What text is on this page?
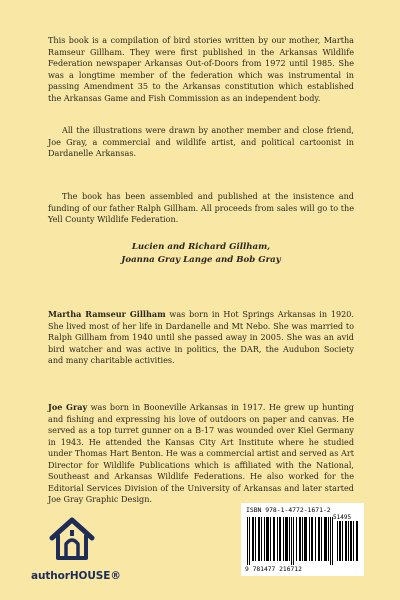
This book is a compilation of bird stories written by our mother, Martha Ramseur Gillham. They were first published in the Arkansas Wildlife Federation newspaper Arkansas Out-of-Doors from 1972 until 1985. She was a longtime member of the federation which was instrumental in passing Amendment 35 to the Arkansas constitution which established the Arkansas Game and Fish Commission as an independent body.
All the illustrations were drawn by another member and close friend, Joe Gray, a commercial and wildlife artist, and political cartoonist in Dardanelle Arkansas.
The book has been assembled and published at the insistence and funding of our father Ralph Gillham. All proceeds from sales will go to the Yell County Wildlife Federation.
Lucien and Richard Gillham,
Joanna Gray Lange and Bob Gray
Martha Ramseur Gillham was born in Hot Springs Arkansas in 1920. She lived most of her life in Dardanelle and Mt Nebo. She was married to Ralph Gillham from 1940 until she passed away in 2005. She was an avid bird watcher and was active in politics, the DAR, the Audubon Society and many charitable activities.
Joe Gray was born in Booneville Arkansas in 1917. He grew up hunting and fishing and expressing his love of outdoors on paper and canvas. He served as a top turret gunner on a B-17 was wounded over Kiel Germany in 1943. He attended the Kansas City Art Institute where he studied under Thomas Hart Benton. He was a commercial artist and served as Art Director for Wildlife Publications which is affiliated with the National, Southeast and Arkansas Wildlife Federations. He also worked for the Editorial Services Division of the University of Arkansas and later started Joe Gray Graphic Design.
authorHOUSE®
ISBN 978-1-4772-1671-2
51495
9 781477 216712
